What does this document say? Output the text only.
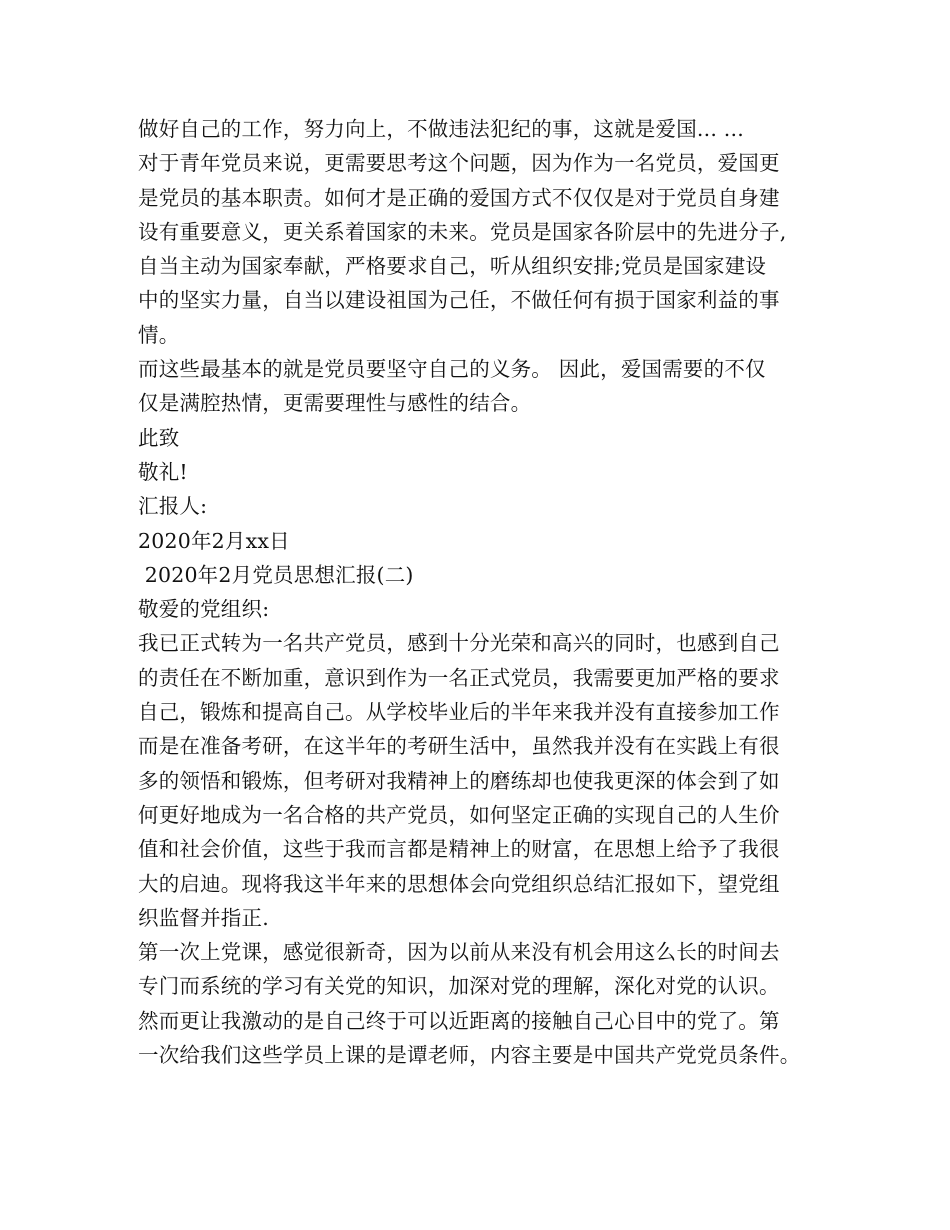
做好自己的工作，努力向上，不做违法犯纪的事，这就是爱国... ...
对于青年党员来说，更需要思考这个问题，因为作为一名党员，爱国更
是党员的基本职责。如何才是正确的爱国方式不仅仅是对于党员自身建
设有重要意义，更关系着国家的未来。党员是国家各阶层中的先进分子,
自当主动为国家奉献，严格要求自己，听从组织安排;党员是国家建设
中的坚实力量，自当以建设祖国为己任，不做任何有损于国家利益的事
情。
而这些最基本的就是党员要坚守自己的义务。 因此，爱国需要的不仅
仅是满腔热情，更需要理性与感性的结合。
此致
敬礼!
汇报人:
2020年2月xx日
2020年2月党员思想汇报(二)
敬爱的党组织:
我已正式转为一名共产党员，感到十分光荣和高兴的同时，也感到自己
的责任在不断加重，意识到作为一名正式党员，我需要更加严格的要求
自己，锻炼和提高自己。从学校毕业后的半年来我并没有直接参加工作
而是在准备考研，在这半年的考研生活中，虽然我并没有在实践上有很
多的领悟和锻炼，但考研对我精神上的磨练却也使我更深的体会到了如
何更好地成为一名合格的共产党员，如何坚定正确的实现自己的人生价
值和社会价值，这些于我而言都是精神上的财富，在思想上给予了我很
大的启迪。现将我这半年来的思想体会向党组织总结汇报如下，望党组
织监督并指正.
第一次上党课，感觉很新奇，因为以前从来没有机会用这么长的时间去
专门而系统的学习有关党的知识，加深对党的理解，深化对党的认识。
然而更让我激动的是自己终于可以近距离的接触自己心目中的党了。第
一次给我们这些学员上课的是谭老师，内容主要是中国共产党党员条件。
